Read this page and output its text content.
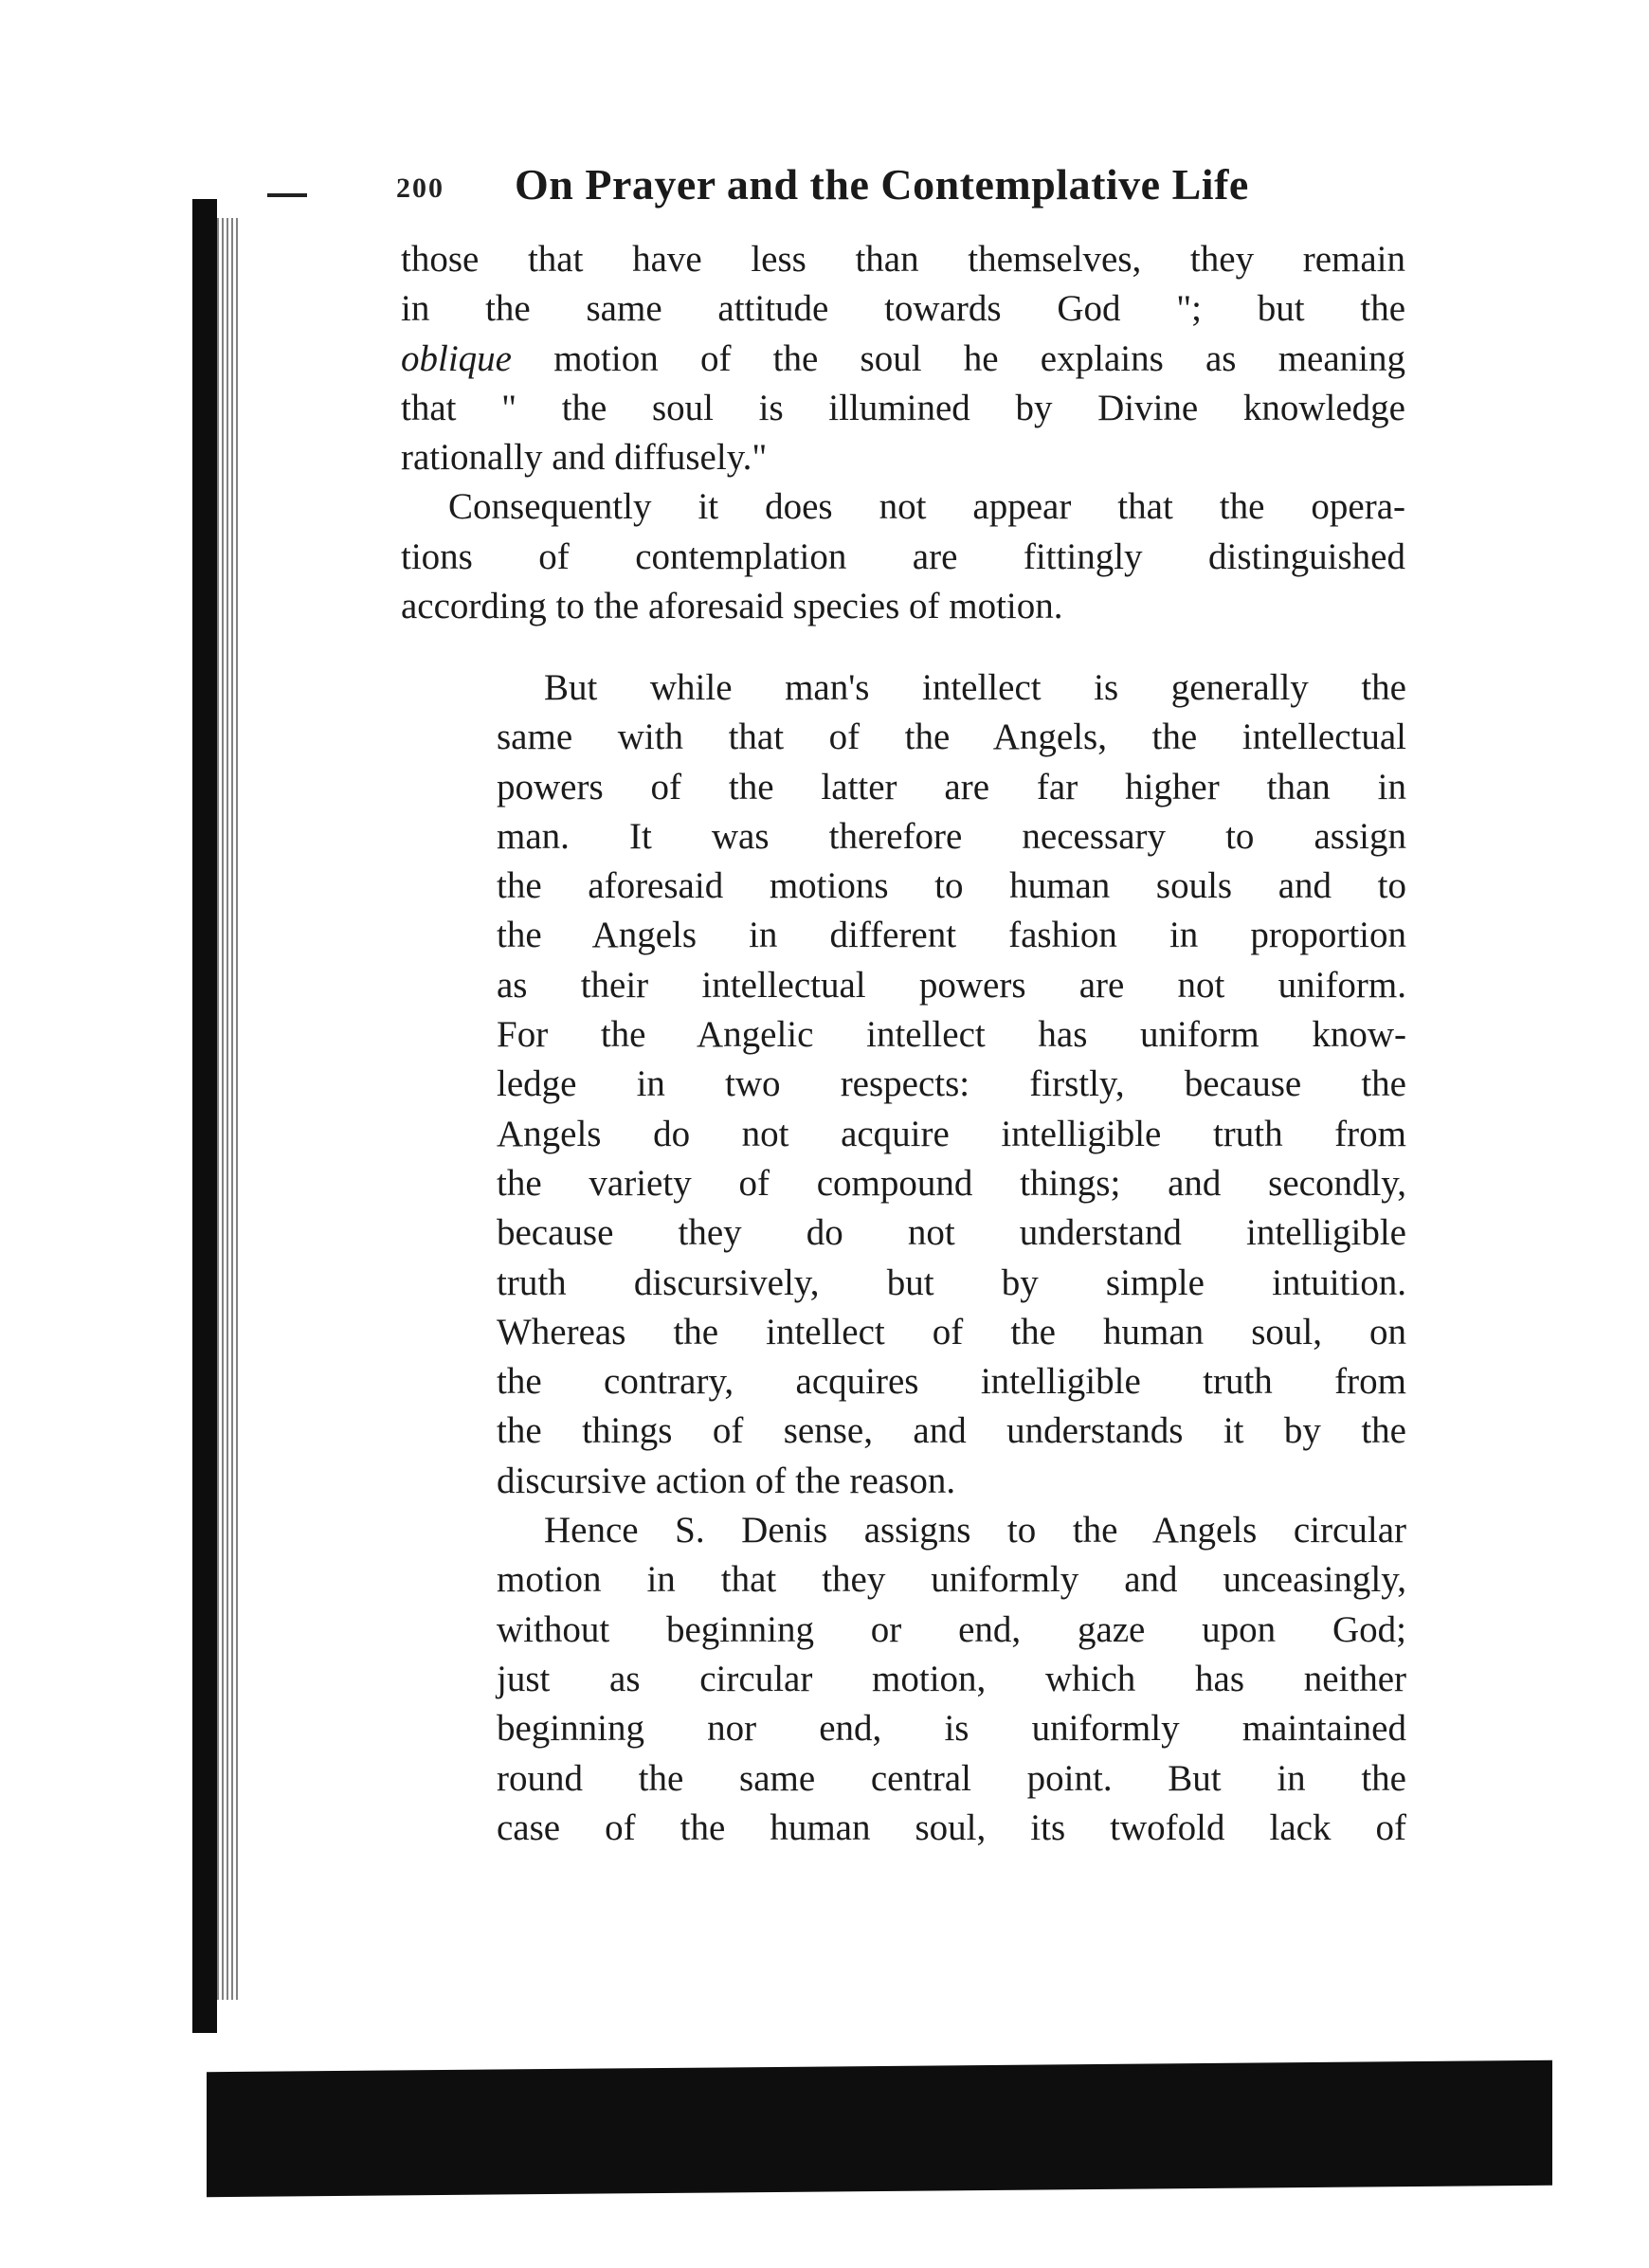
200 On Prayer and the Contemplative Life
those that have less than themselves, they remain
in the same attitude towards God "; but the
oblique motion of the soul he explains as meaning
that " the soul is illumined by Divine knowledge
rationally and diffusely."
Consequently it does not appear that the opera-
tions of contemplation are fittingly distinguished
according to the aforesaid species of motion.
But while man's intellect is generally the
same with that of the Angels, the intellectual
powers of the latter are far higher than in
man. It was therefore necessary to assign
the aforesaid motions to human souls and to
the Angels in different fashion in proportion
as their intellectual powers are not uniform.
For the Angelic intellect has uniform know-
ledge in two respects: firstly, because the
Angels do not acquire intelligible truth from
the variety of compound things; and secondly,
because they do not understand intelligible
truth discursively, but by simple intuition.
Whereas the intellect of the human soul, on
the contrary, acquires intelligible truth from
the things of sense, and understands it by the
discursive action of the reason.
Hence S. Denis assigns to the Angels circular
motion in that they uniformly and unceasingly,
without beginning or end, gaze upon God;
just as circular motion, which has neither
beginning nor end, is uniformly maintained
round the same central point. But in the
case of the human soul, its twofold lack of
